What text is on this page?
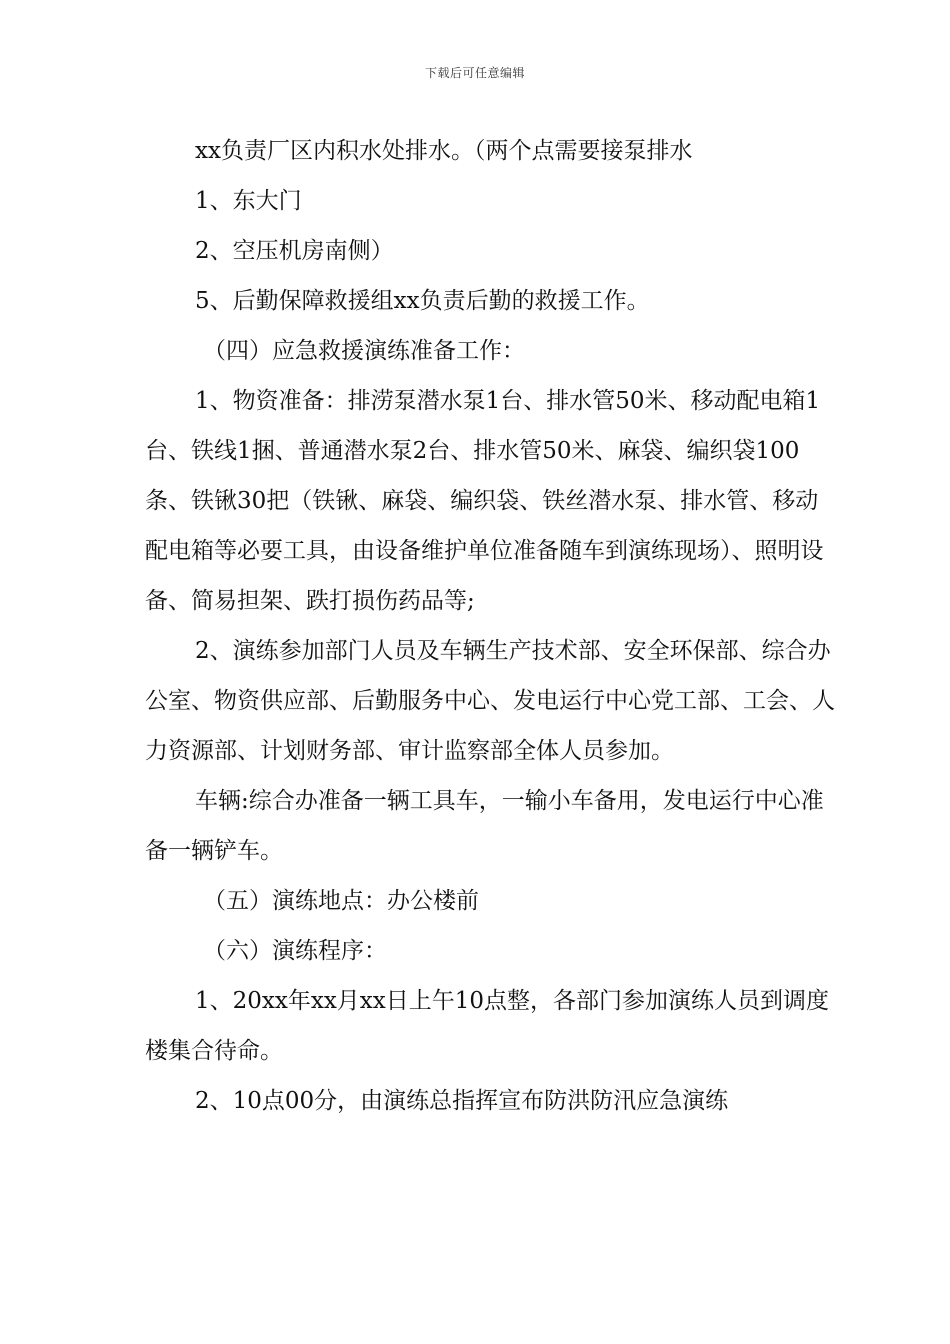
下载后可任意编辑

xx负责厂区内积水处排水。（两个点需要接泵排水

1、东大门

2、空压机房南侧）

5、后勤保障救援组xx负责后勤的救援工作。

（四）应急救援演练准备工作：

1、物资准备：排涝泵潜水泵1台、排水管50米、移动配电箱1台、铁线1捆、普通潜水泵2台、排水管50米、麻袋、编织袋100条、铁锹30把（铁锹、麻袋、编织袋、铁丝潜水泵、排水管、移动配电箱等必要工具，由设备维护单位准备随车到演练现场）、照明设备、简易担架、跌打损伤药品等;

2、演练参加部门人员及车辆生产技术部、安全环保部、综合办公室、物资供应部、后勤服务中心、发电运行中心党工部、工会、人力资源部、计划财务部、审计监察部全体人员参加。

车辆:综合办准备一辆工具车，一输小车备用，发电运行中心准备一辆铲车。

（五）演练地点：办公楼前

（六）演练程序：

1、20xx年xx月xx日上午10点整，各部门参加演练人员到调度楼集合待命。

2、10点00分，由演练总指挥宣布防洪防汛应急演练
